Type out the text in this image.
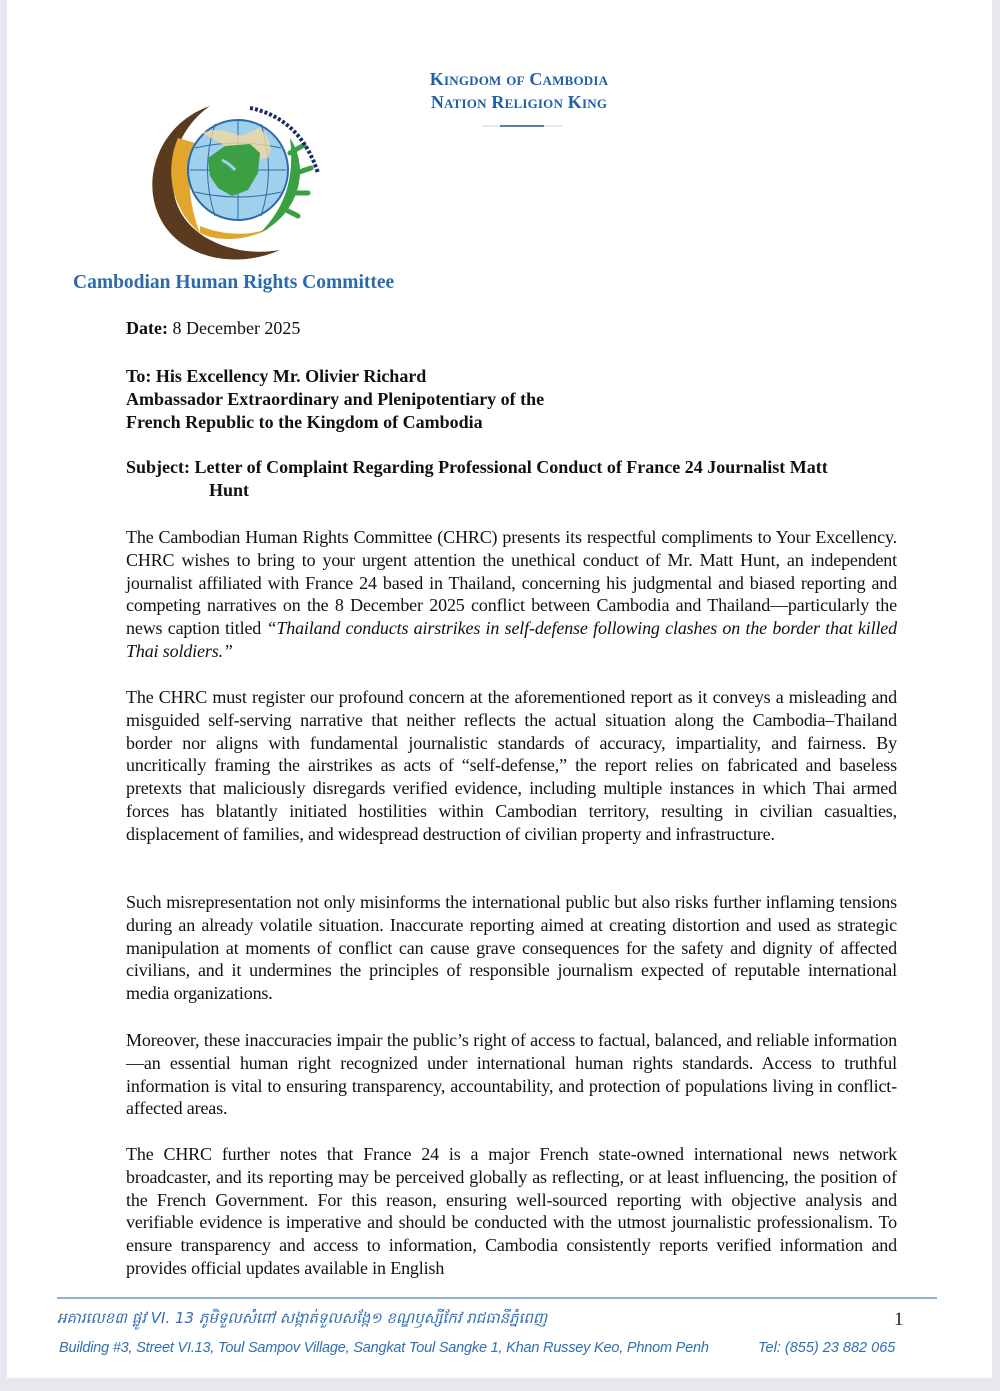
Kingdom of Cambodia
Nation Religion King
Cambodian Human Rights Committee
Date: 8 December 2025
To: His Excellency Mr. Olivier Richard
Ambassador Extraordinary and Plenipotentiary of the
French Republic to the Kingdom of Cambodia
Subject: Letter of Complaint Regarding Professional Conduct of France 24 Journalist Matt
Hunt
The Cambodian Human Rights Committee (CHRC) presents its respectful compliments to Your Excellency. CHRC wishes to bring to your urgent attention the unethical conduct of Mr. Matt Hunt, an independent journalist affiliated with France 24 based in Thailand, concerning his judgmental and biased reporting and competing narratives on the 8 December 2025 conflict between Cambodia and Thailand—particularly the news caption titled “Thailand conducts airstrikes in self-defense following clashes on the border that killed Thai soldiers.”
The CHRC must register our profound concern at the aforementioned report as it conveys a misleading and misguided self-serving narrative that neither reflects the actual situation along the Cambodia–Thailand border nor aligns with fundamental journalistic standards of accuracy, impartiality, and fairness. By uncritically framing the airstrikes as acts of “self-defense,” the report relies on fabricated and baseless pretexts that maliciously disregards verified evidence, including multiple instances in which Thai armed forces has blatantly initiated hostilities within Cambodian territory, resulting in civilian casualties, displacement of families, and widespread destruction of civilian property and infrastructure.
Such misrepresentation not only misinforms the international public but also risks further inflaming tensions during an already volatile situation. Inaccurate reporting aimed at creating distortion and used as strategic manipulation at moments of conflict can cause grave consequences for the safety and dignity of affected civilians, and it undermines the principles of responsible journalism expected of reputable international media organizations.
Moreover, these inaccuracies impair the public’s right of access to factual, balanced, and reliable information—an essential human right recognized under international human rights standards. Access to truthful information is vital to ensuring transparency, accountability, and protection of populations living in conflict-affected areas.
The CHRC further notes that France 24 is a major French state-owned international news network broadcaster, and its reporting may be perceived globally as reflecting, or at least influencing, the position of the French Government. For this reason, ensuring well-sourced reporting with objective analysis and verifiable evidence is imperative and should be conducted with the utmost journalistic professionalism. To ensure transparency and access to information, Cambodia consistently reports verified information and provides official updates available in English
អគារលេខ៣ ផ្លូវ VI. 13 ភូមិទួលសំពៅ សង្កាត់ទួលសង្កែ១ ខណ្ឌឫស្សីកែវ រាជធានីភ្នំពេញ	1
Building #3, Street VI.13, Toul Sampov Village, Sangkat Toul Sangke 1, Khan Russey Keo, Phnom Penh	Tel: (855) 23 882 065
